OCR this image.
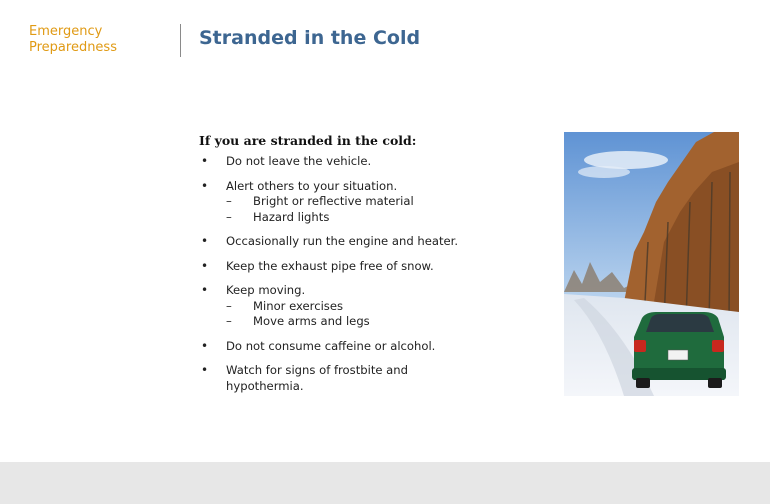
Emergency
Preparedness	Stranded in the Cold
If you are stranded in the cold:
• Do not leave the vehicle.
• Alert others to your situation.
– Bright or reflective material
– Hazard lights
• Occasionally run the engine and heater.
• Keep the exhaust pipe free of snow.
• Keep moving.
– Minor exercises
– Move arms and legs
• Do not consume caffeine or alcohol.
• Watch for signs of frostbite and hypothermia.
